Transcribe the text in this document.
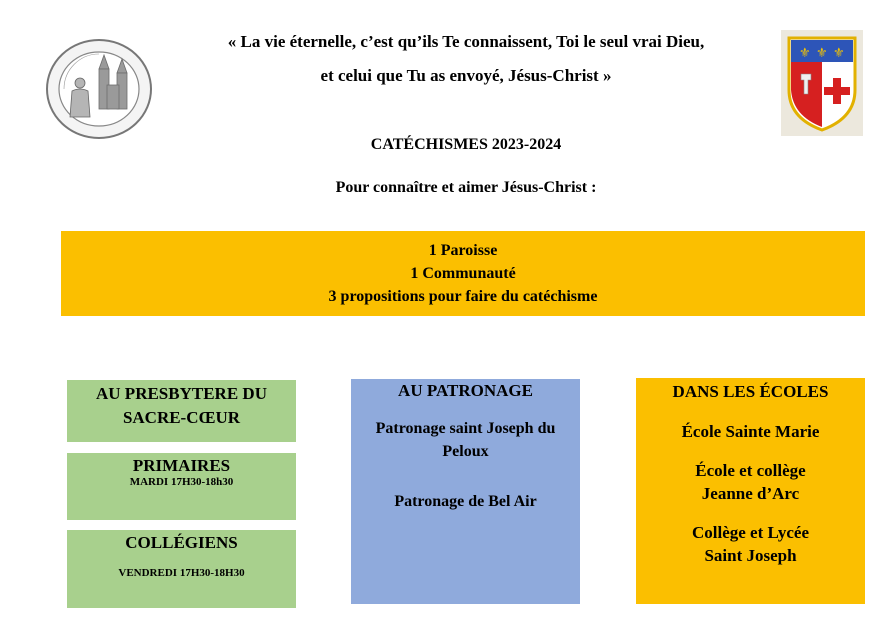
⚜ ⚜ ⚜
« La vie éternelle, c’est qu’ils Te connaissent, Toi le seul vrai Dieu,
et celui que Tu as envoyé, Jésus-Christ »
CATÉCHISMES 2023-2024
Pour connaître et aimer Jésus-Christ :
1 Paroisse
1 Communauté
3 propositions pour faire du catéchisme
AU PRESBYTERE DU
SACRE-CŒUR
PRIMAIRES
MARDI 17H30-18h30
COLLÉGIENS
VENDREDI 17H30-18H30
AU PATRONAGE
Patronage saint Joseph du
Peloux
Patronage de Bel Air
DANS LES ÉCOLES
École Sainte Marie
École et collège
Jeanne d’Arc
Collège et Lycée
Saint Joseph
